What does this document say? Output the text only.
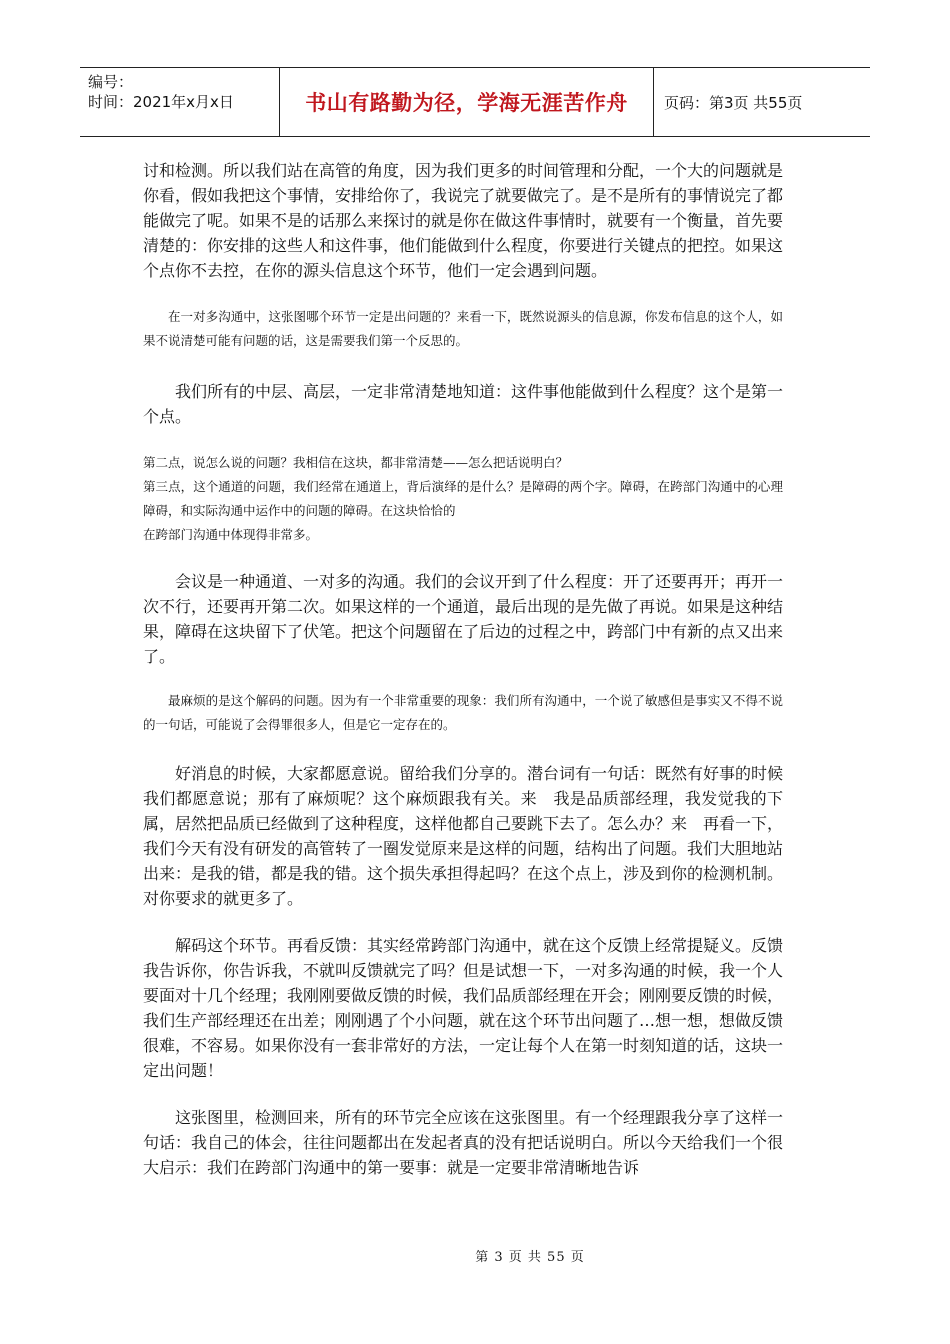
编号：
时间：2021年x月x日	书山有路勤为径，学海无涯苦作舟	页码：第3页 共55页

讨和检测。所以我们站在高管的角度，因为我们更多的时间管理和分配，一个大的问题就是你看，假如我把这个事情，安排给你了，我说完了就要做完了。是不是所有的事情说完了都能做完了呢。如果不是的话那么来探讨的就是你在做这件事情时，就要有一个衡量，首先要清楚的：你安排的这些人和这件事，他们能做到什么程度，你要进行关键点的把控。如果这个点你不去控，在你的源头信息这个环节，他们一定会遇到问题。

在一对多沟通中，这张图哪个环节一定是出问题的？来看一下，既然说源头的信息源，你发布信息的这个人，如果不说清楚可能有问题的话，这是需要我们第一个反思的。

我们所有的中层、高层，一定非常清楚地知道：这件事他能做到什么程度？这个是第一个点。

第二点，说怎么说的问题？我相信在这块，都非常清楚——怎么把话说明白？

第三点，这个通道的问题，我们经常在通道上，背后演绎的是什么？是障碍的两个字。障碍，在跨部门沟通中的心理障碍，和实际沟通中运作中的问题的障碍。在这块恰恰的

在跨部门沟通中体现得非常多。

会议是一种通道、一对多的沟通。我们的会议开到了什么程度：开了还要再开；再开一次不行，还要再开第二次。如果这样的一个通道，最后出现的是先做了再说。如果是这种结果，障碍在这块留下了伏笔。把这个问题留在了后边的过程之中，跨部门中有新的点又出来了。

最麻烦的是这个解码的问题。因为有一个非常重要的现象：我们所有沟通中，一个说了敏感但是事实又不得不说的一句话，可能说了会得罪很多人，但是它一定存在的。

好消息的时候，大家都愿意说。留给我们分享的。潜台词有一句话：既然有好事的时候我们都愿意说；那有了麻烦呢？这个麻烦跟我有关。来　我是品质部经理，我发觉我的下属，居然把品质已经做到了这种程度，这样他都自己要跳下去了。怎么办？来　再看一下，我们今天有没有研发的高管转了一圈发觉原来是这样的问题，结构出了问题。我们大胆地站出来：是我的错，都是我的错。这个损失承担得起吗？在这个点上，涉及到你的检测机制。对你要求的就更多了。

解码这个环节。再看反馈：其实经常跨部门沟通中，就在这个反馈上经常提疑义。反馈我告诉你，你告诉我，不就叫反馈就完了吗？但是试想一下，一对多沟通的时候，我一个人要面对十几个经理；我刚刚要做反馈的时候，我们品质部经理在开会；刚刚要反馈的时候，我们生产部经理还在出差；刚刚遇了个小问题，就在这个环节出问题了…想一想，想做反馈很难，不容易。如果你没有一套非常好的方法，一定让每个人在第一时刻知道的话，这块一定出问题！

这张图里，检测回来，所有的环节完全应该在这张图里。有一个经理跟我分享了这样一句话：我自己的体会，往往问题都出在发起者真的没有把话说明白。所以今天给我们一个很大启示：我们在跨部门沟通中的第一要事：就是一定要非常清晰地告诉

第 3 页 共 55 页
